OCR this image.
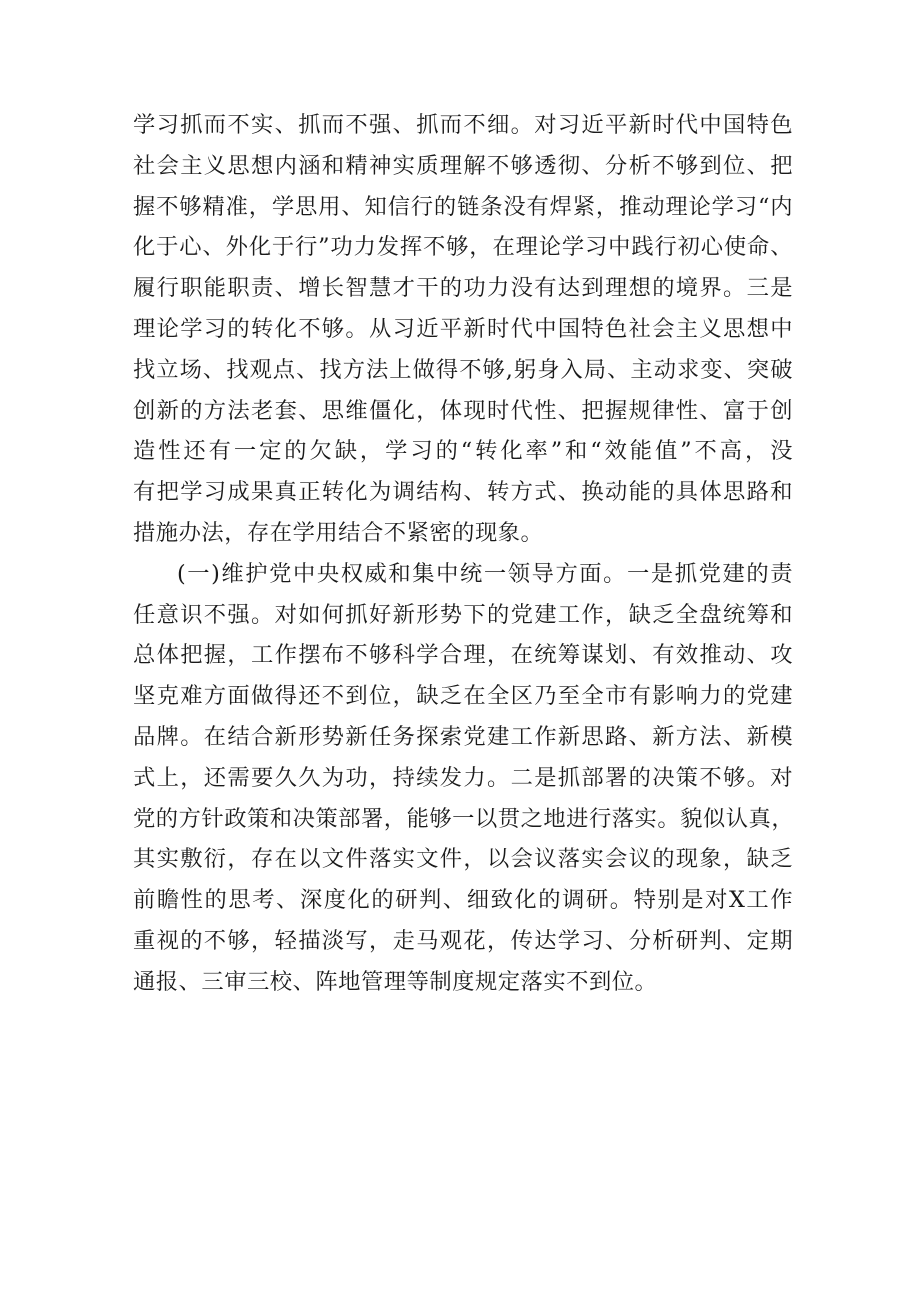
学习抓而不实、抓而不强、抓而不细。对习近平新时代中国特色
社会主义思想内涵和精神实质理解不够透彻、分析不够到位、把
握不够精准，学思用、知信行的链条没有焊紧，推动理论学习“内
化于心、外化于行”功力发挥不够，在理论学习中践行初心使命、
履行职能职责、增长智慧才干的功力没有达到理想的境界。三是
理论学习的转化不够。从习近平新时代中国特色社会主义思想中
找立场、找观点、找方法上做得不够,躬身入局、主动求变、突破
创新的方法老套、思维僵化，体现时代性、把握规律性、富于创
造性还有一定的欠缺，学习的“转化率”和“效能值”不高，没
有把学习成果真正转化为调结构、转方式、换动能的具体思路和
措施办法，存在学用结合不紧密的现象。
(一)维护党中央权威和集中统一领导方面。一是抓党建的责
任意识不强。对如何抓好新形势下的党建工作，缺乏全盘统筹和
总体把握，工作摆布不够科学合理，在统筹谋划、有效推动、攻
坚克难方面做得还不到位，缺乏在全区乃至全市有影响力的党建
品牌。在结合新形势新任务探索党建工作新思路、新方法、新模
式上，还需要久久为功，持续发力。二是抓部署的决策不够。对
党的方针政策和决策部署，能够一以贯之地进行落实。貌似认真，
其实敷衍，存在以文件落实文件，以会议落实会议的现象，缺乏
前瞻性的思考、深度化的研判、细致化的调研。特别是对X工作
重视的不够，轻描淡写，走马观花，传达学习、分析研判、定期
通报、三审三校、阵地管理等制度规定落实不到位。
